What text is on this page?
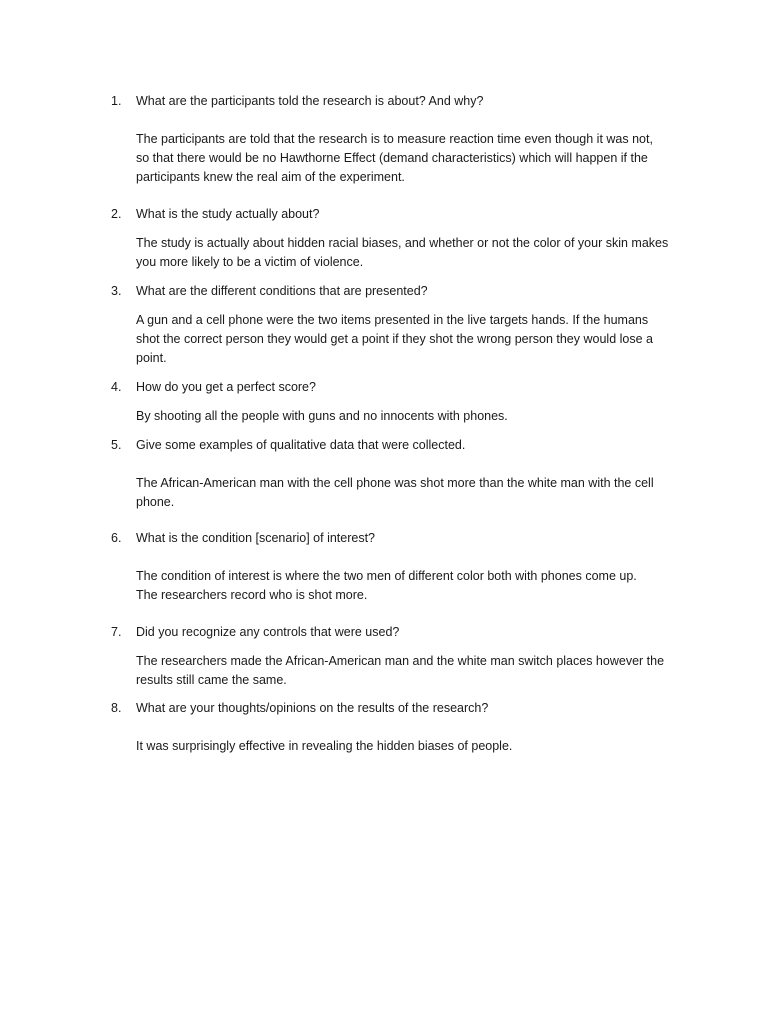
1.	What are the participants told the research is about? And why?
The participants are told that the research is to measure reaction time even though it was not,
so that there would be no Hawthorne Effect (demand characteristics) which will happen if the
participants knew the real aim of the experiment.
2.	What is the study actually about?
The study is actually about hidden racial biases, and whether or not the color of your skin makes
you more likely to be a victim of violence.
3.	What are the different conditions that are presented?
A gun and a cell phone were the two items presented in the live targets hands. If the humans
shot the correct person they would get a point if they shot the wrong person they would lose a
point.
4.	How do you get a perfect score?
By shooting all the people with guns and no innocents with phones.
5.	Give some examples of qualitative data that were collected.
The African-American man with the cell phone was shot more than the white man with the cell
phone.
6.	What is the condition [scenario] of interest?
The condition of interest is where the two men of different color both with phones come up.
The researchers record who is shot more.
7.	Did you recognize any controls that were used?
The researchers made the African-American man and the white man switch places however the
results still came the same.
8.	What are your thoughts/opinions on the results of the research?
It was surprisingly effective in revealing the hidden biases of people.
